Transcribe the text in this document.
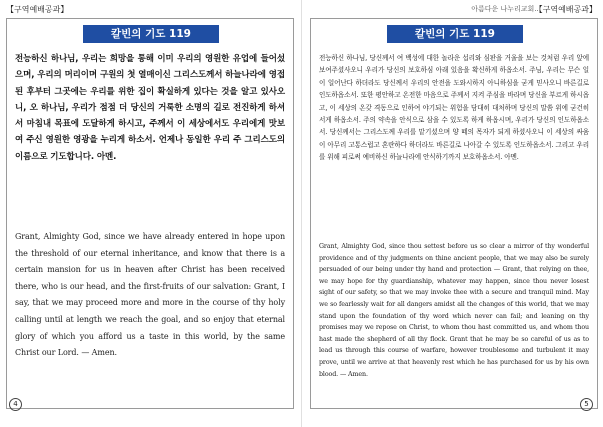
【구역예배공과】
칼빈의 기도 119

전능하신 하나님, 우리는 희망을 통해 이미 우리의 영원한 유업에 들어섰으며, 우리의 머리이며 구원의 첫 열매이신 그리스도께서 하늘나라에 영접된 후부터 그곳에는 우리를 위한 집이 확실하게 있다는 것을 알고 있사오니, 오 하나님, 우리가 점점 더 당신의 거룩한 소명의 길로 전진하게 하셔서 마침내 목표에 도달하게 하시고, 주께서 이 세상에서도 우리에게 맛보여 주신 영원한 영광을 누리게 하소서. 언제나 동일한 우리 주 그리스도의 이름으로 기도합니다. 아멘.

Grant, Almighty God, since we have already entered in hope upon the threshold of our eternal inheritance, and know that there is a certain mansion for us in heaven after Christ has been received there, who is our head, and the first-fruits of our salvation: Grant, I say, that we may proceed more and more in the course of thy holy calling until at length we reach the goal, and so enjoy that eternal glory of which you afford us a taste in this world, by the same Christ our Lord. — Amen.

4
아름다운 나누리교회...
【구역예배공과】
칼빈의 기도 119

전능하신 하나님, 당신께서 여 백성에 대한 놀라운 섭리와 심판을 거울을 보는 것처럼 우리 앞에 보여주셨사오니 우리가 당신의 보호하심 아래 있음을 확신하게 하옵소서. 주님, 우리는 무슨 일이 일어난다 하더라도 당신께서 우리의 안전을 도와시하지 아니하심을 굳게 믿사오니 바른길로 인도하옵소서. 또한 평안하고 온전한 마음으로 주께서 지켜 주심을 바라며 당신을 부르게 하시옵고, 이 세상의 온갖 격동으로 인하여 야기되는 위험을 담대히 대처하며 당신의 말씀 위에 굳건히 서게 하옵소서. 주의 약속을 안식으로 삼을 수 있도록 하게 하옵시며, 우리가 당신의 인도하옵소서. 당신께서는 그리스도께 우리를 맡기셨으며 양 떼의 목자가 되게 하셨사오니 이 세상의 싸움이 아무리 고통스럽고 혼란하다 하더라도 바른길로 나아갈 수 있도록 인도하옵소서. 그리고 우리를 위해 피로써 예비하신 하늘나라에 안식하기까지 보호하옵소서. 아멘.

Grant, Almighty God, since thou settest before us so clear a mirror of thy wonderful providence and of thy judgments on thine ancient people, that we may also be surely persuaded of our being under thy hand and protection — Grant, that relying on thee, we may hope for thy guardianship, whatever may happen, since thou never losest sight of our safety, so that we may invoke thee with a secure and tranquil mind. May we so fearlessly wait for all dangers amidst all the changes of this world, that we may stand upon the foundation of thy word which never can fail; and leaning on thy promises may we repose on Christ, to whom thou hast committed us, and whom thou hast made the shepherd of all thy flock. Grant that he may be so careful of us as to lead us through this course of warfare, however troublesome and turbulent it may prove, until we arrive at that heavenly rest which he has purchased for us by his own blood. — Amen.

5
